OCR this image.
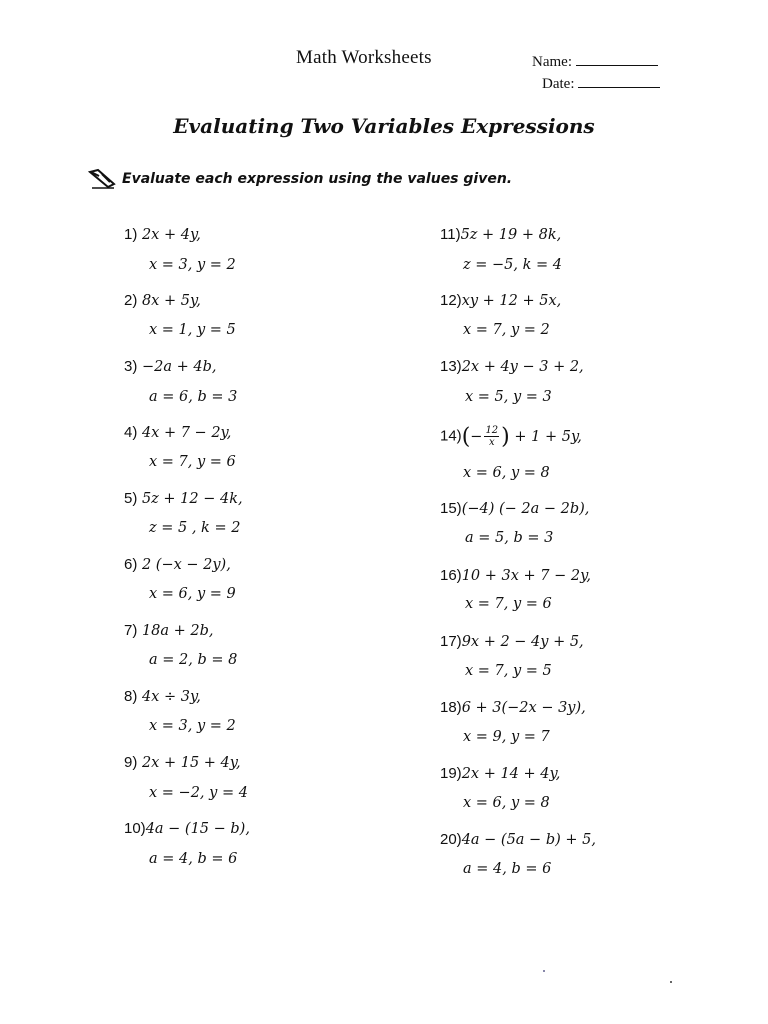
Math Worksheets	Name:
Date:
Evaluating Two Variables Expressions
Evaluate each expression using the values given.
1) 2x + 4y,
x = 3, y = 2
2) 8x + 5y,
x = 1, y = 5
3) −2a + 4b,
a = 6, b = 3
4) 4x + 7 − 2y,
x = 7, y = 6
5) 5z + 12 − 4k,
z = 5 , k = 2
6) 2 (−x − 2y),
x = 6, y = 9
7) 18a + 2b,
a = 2, b = 8
8) 4x ÷ 3y,
x = 3, y = 2
9) 2x + 15 + 4y,
x = −2, y = 4
10)4a − (15 − b),
a = 4, b = 6
11)5z + 19 + 8k,
z = −5, k = 4
12)xy + 12 + 5x,
x = 7, y = 2
13)2x + 4y − 3 + 2,
x = 5, y = 3
$14)(- \frac{12}{x}$ ) + 1 + 5y,
x = 6, y = 8
15)(−4) (− 2a − 2b),
a = 5, b = 3
16)10 + 3x + 7 − 2y,
x = 7, y = 6
17)9x + 2 − 4y + 5,
x = 7, y = 5
18)6 + 3(−2x − 3y),
x = 9, y = 7
19)2x + 14 + 4y,
x = 6, y = 8
20)4a − (5a − b) + 5,
a = 4, b = 6
